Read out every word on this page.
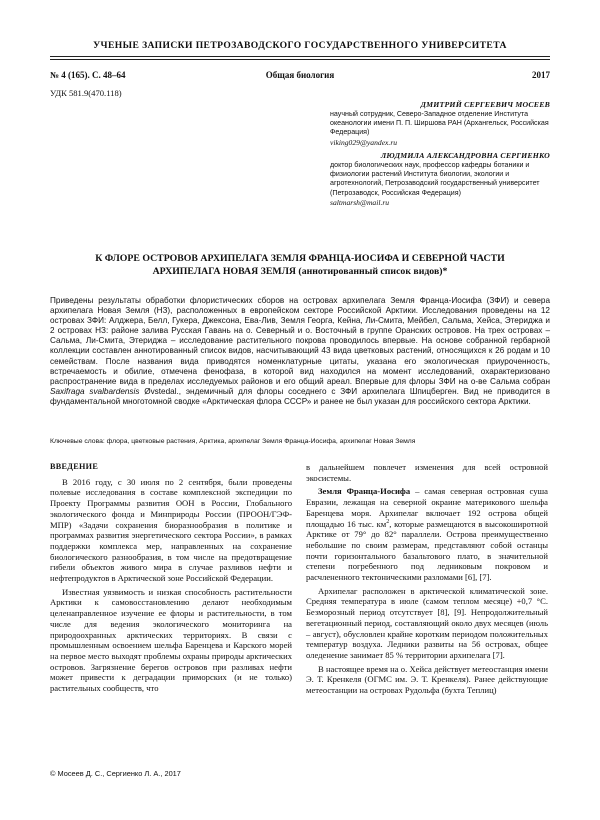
УЧЕНЫЕ ЗАПИСКИ ПЕТРОЗАВОДСКОГО ГОСУДАРСТВЕННОГО УНИВЕРСИТЕТА
Общая биология
№ 4 (165). С. 48–64	2017
УДК 581.9(470.118)
ДМИТРИЙ СЕРГЕЕВИЧ МОСЕЕВ
научный сотрудник, Северо-Западное отделение Института океанологии имени П. П. Ширшова РАН (Архангельск, Российская Федерация)
viking029@yandex.ru
ЛЮДМИЛА АЛЕКСАНДРОВНА СЕРГИЕНКО
доктор биологических наук, профессор кафедры ботаники и физиологии растений Института биологии, экологии и агротехнологий, Петрозаводский государственный университет (Петрозаводск, Российская Федерация)
saltmarsh@mail.ru
К ФЛОРЕ ОСТРОВОВ АРХИПЕЛАГА ЗЕМЛЯ ФРАНЦА-ИОСИФА И СЕВЕРНОЙ ЧАСТИ
АРХИПЕЛАГА НОВАЯ ЗЕМЛЯ (аннотированный список видов)*

Приведены результаты обработки флористических сборов на островах архипелага Земля Франца-Иосифа (ЗФИ) и севера архипелага Новая Земля (НЗ), расположенных в европейском секторе Российской Арктики. Исследования проведены на 12 островах ЗФИ: Алджера, Белл, Гукера, Джексона, Ева-Лив, Земля Георга, Кейна, Ли-Смита, Мейбел, Сальма, Хейса, Этериджа и 2 островах НЗ: районе залива Русская Гавань на о. Северный и о. Восточный в группе Оранских островов. На трех островах – Сальма, Ли-Смита, Этериджа – исследование растительного покрова проводилось впервые. На основе собранной гербарной коллекции составлен аннотированный список видов, насчитывающий 43 вида цветковых растений, относящихся к 26 родам и 10 семействам. После названия вида приводятся номенклатурные цитаты, указана его экологическая приуроченность, встречаемость и обилие, отмечена фенофаза, в которой вид находился на момент исследований, охарактеризовано распространение вида в пределах исследуемых районов и его общий ареал. Впервые для флоры ЗФИ на о-ве Сальма собран Saxifraga svalbardensis Øvstedal., эндемичный для флоры соседнего с ЗФИ архипелага Шпицберген. Вид не приводится в фундаментальной многотомной сводке «Арктическая флора СССР» и ранее не был указан для российского сектора Арктики.

Ключевые слова: флора, цветковые растения, Арктика, архипелаг Земля Франца-Иосифа, архипелаг Новая Земля
ВВЕДЕНИЕ

В 2016 году, с 30 июля по 2 сентября, были проведены полевые исследования в составе комплексной экспедиции по Проекту Программы развития ООН в России, Глобального экологического фонда и Минприроды России (ПРООН/ГЭФ-МПР) «Задачи сохранения биоразнообразия в политике и программах развития энергетического сектора России», в рамках поддержки комплекса мер, направленных на сохранение биологического разнообразия, в том числе на предотвращение гибели объектов живого мира в случае разливов нефти и нефтепродуктов в Арктической зоне Российской Федерации.

Известная уязвимость и низкая способность растительности Арктики к самовосстановлению делают необходимым целенаправленное изучение ее флоры и растительности, в том числе для ведения экологического мониторинга на природоохранных арктических территориях. В связи с промышленным освоением шельфа Баренцева и Карского морей на первое место выходят проблемы охраны природы арктических островов. Загрязнение берегов островов при разливах нефти может привести к деградации приморских (и не только) растительных сообществ, что

в дальнейшем повлечет изменения для всей островной экосистемы.

Земля Франца-Иосифа – самая северная островная суша Евразии, лежащая на северной окраине материкового шельфа Баренцева моря. Архипелаг включает 192 острова общей площадью 16 тыс. $км^2$, которые размещаются в высокоширотной Арктике от 79° до 82° параллели. Острова преимущественно небольшие по своим размерам, представляют собой останцы почти горизонтального базальтового плато, в значительной степени погребенного под ледниковым покровом и расчлененного тектоническими разломами [6], [7].

Архипелаг расположен в арктической климатической зоне. Средняя температура в июле (самом теплом месяце) +0,7 °С. Безморозный период отсутствует [8], [9]. Непродолжительный вегетационный период, составляющий около двух месяцев (июль – август), обусловлен крайне коротким периодом положительных температур воздуха. Ледники развиты на 56 островах, общее оледенение занимает 85 % территории архипелага [7].

В настоящее время на о. Хейса действует метеостанция имени Э. Т. Кренкеля (ОГМС им. Э. Т. Кренкеля). Ранее действующие метеостанции на островах Рудольфа (бухта Теплиц)

© Мосеев Д. С., Сергиенко Л. А., 2017
